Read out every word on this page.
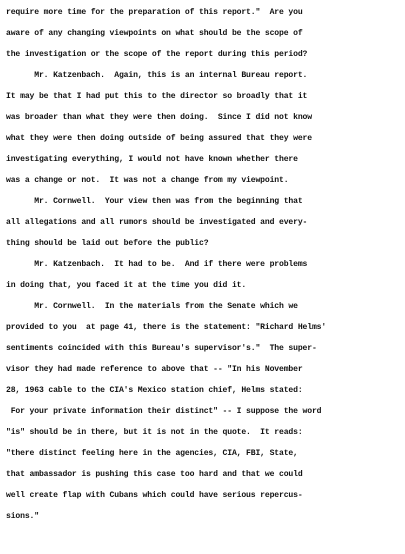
require more time for the preparation of this report."  Are you
aware of any changing viewpoints on what should be the scope of
the investigation or the scope of the report during this period?
Mr. Katzenbach.  Again, this is an internal Bureau report.
It may be that I had put this to the director so broadly that it
was broader than what they were then doing.  Since I did not know
what they were then doing outside of being assured that they were
investigating everything, I would not have known whether there
was a change or not.  It was not a change from my viewpoint.
Mr. Cornwell.  Your view then was from the beginning that
all allegations and all rumors should be investigated and every-
thing should be laid out before the public?
Mr. Katzenbach.  It had to be.  And if there were problems
in doing that, you faced it at the time you did it.
Mr. Cornwell.  In the materials from the Senate which we
provided to you  at page 41, there is the statement: "Richard Helms'
sentiments coincided with this Bureau's supervisor's."  The super-
visor they had made reference to above that -- "In his November
28, 1963 cable to the CIA's Mexico station chief, Helms stated:
For your private information their distinct" -- I suppose the word
"is" should be in there, but it is not in the quote.  It reads:
"there distinct feeling here in the agencies, CIA, FBI, State,
that ambassador is pushing this case too hard and that we could
well create flap with Cubans which could have serious repercus-
sions."
